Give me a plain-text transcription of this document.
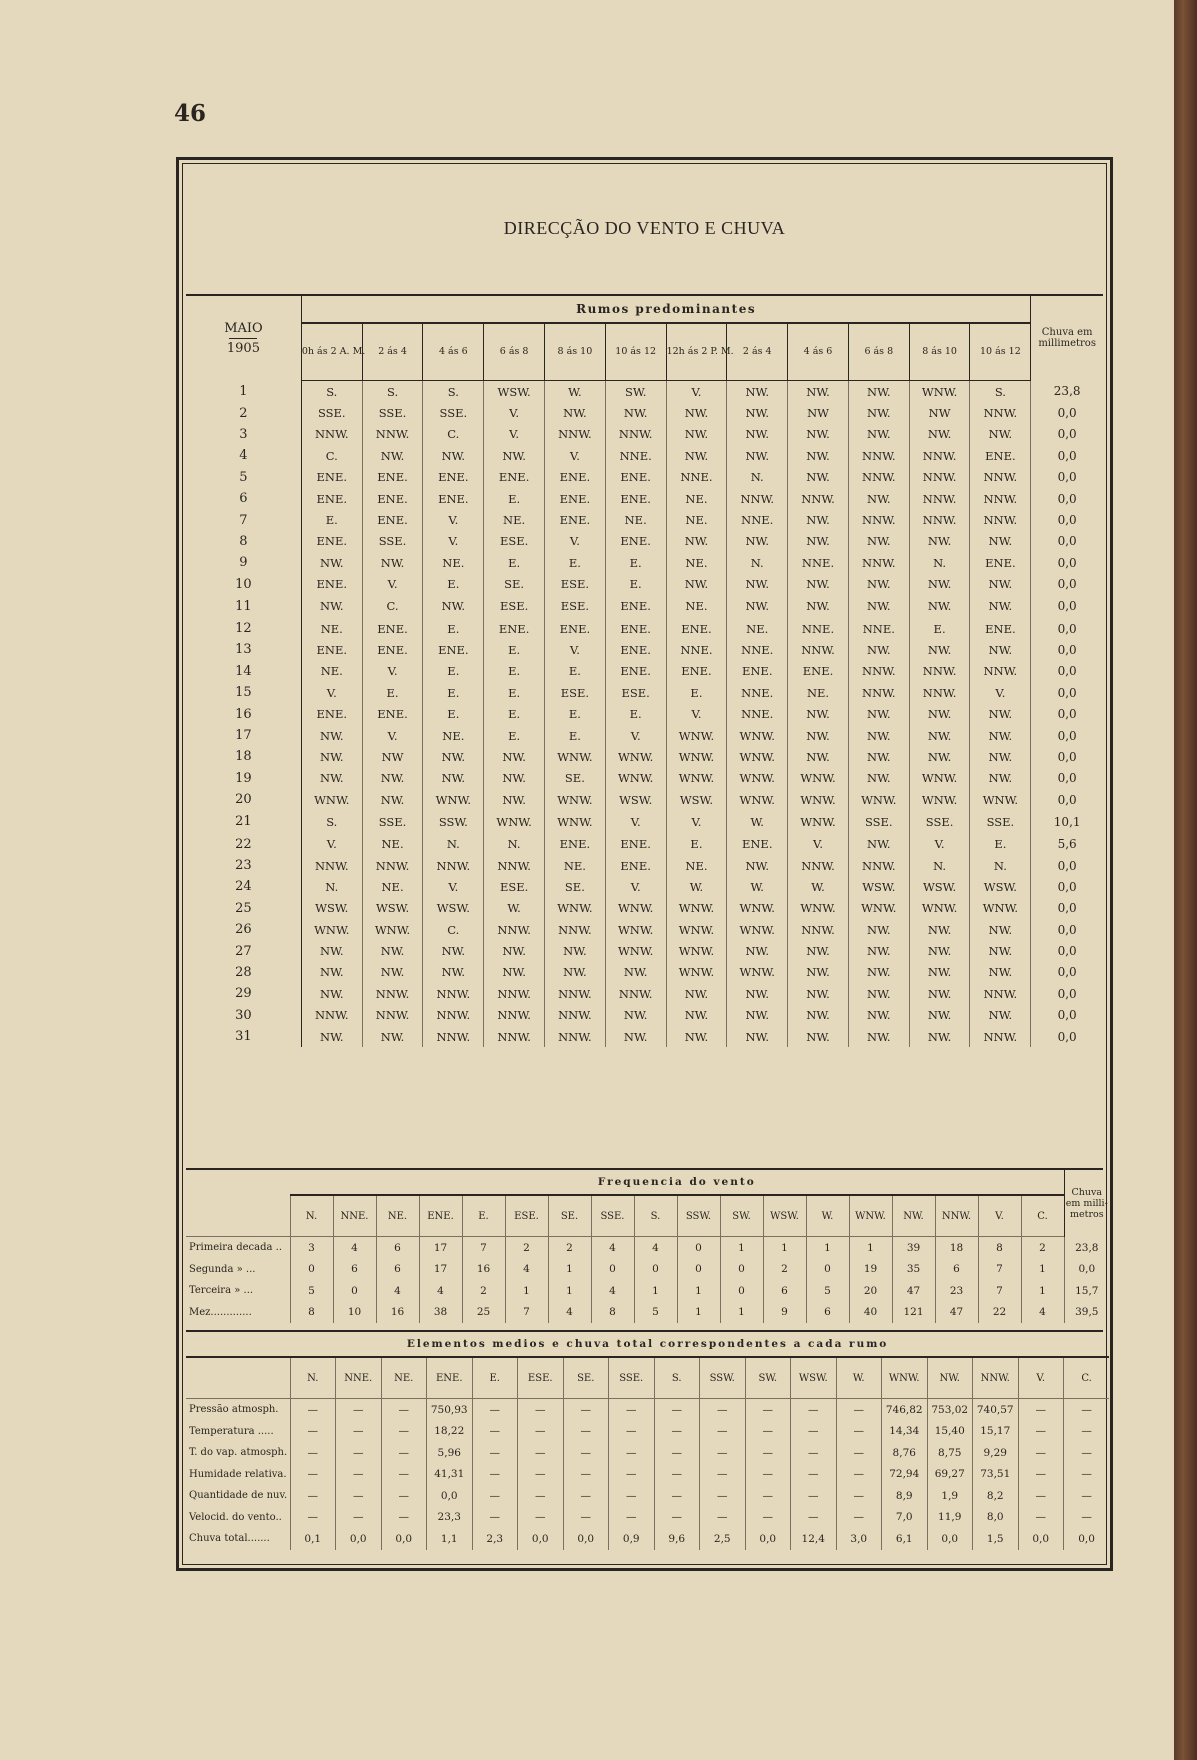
46
DIRECÇÃO DO VENTO E CHUVA
MAIO
1905	Rumos predominantes												Chuva em millimetros
	0h ás 2 A. M.	2 ás 4	4 ás 6	6 ás 8	8 ás 10	10 ás 12	12h ás 2 P. M.	2 ás 4	4 ás 6	6 ás 8	8 ás 10	10 ás 12	
1	S.	S.	S.	WSW.	W.	SW.	V.	NW.	NW.	NW.	WNW.	S.	23,8
2	SSE.	SSE.	SSE.	V.	NW.	NW.	NW.	NW.	NW	NW.	NW	NNW.	0,0
3	NNW.	NNW.	C.	V.	NNW.	NNW.	NW.	NW.	NW.	NW.	NW.	NW.	0,0
4	C.	NW.	NW.	NW.	V.	NNE.	NW.	NW.	NW.	NNW.	NNW.	ENE.	0,0
5	ENE.	ENE.	ENE.	ENE.	ENE.	ENE.	NNE.	N.	NW.	NNW.	NNW.	NNW.	0,0
6	ENE.	ENE.	ENE.	E.	ENE.	ENE.	NE.	NNW.	NNW.	NW.	NNW.	NNW.	0,0
7	E.	ENE.	V.	NE.	ENE.	NE.	NE.	NNE.	NW.	NNW.	NNW.	NNW.	0,0
8	ENE.	SSE.	V.	ESE.	V.	ENE.	NW.	NW.	NW.	NW.	NW.	NW.	0,0
9	NW.	NW.	NE.	E.	E.	E.	NE.	N.	NNE.	NNW.	N.	ENE.	0,0
10	ENE.	V.	E.	SE.	ESE.	E.	NW.	NW.	NW.	NW.	NW.	NW.	0,0
11	NW.	C.	NW.	ESE.	ESE.	ENE.	NE.	NW.	NW.	NW.	NW.	NW.	0,0
12	NE.	ENE.	E.	ENE.	ENE.	ENE.	ENE.	NE.	NNE.	NNE.	E.	ENE.	0,0
13	ENE.	ENE.	ENE.	E.	V.	ENE.	NNE.	NNE.	NNW.	NW.	NW.	NW.	0,0
14	NE.	V.	E.	E.	E.	ENE.	ENE.	ENE.	ENE.	NNW.	NNW.	NNW.	0,0
15	V.	E.	E.	E.	ESE.	ESE.	E.	NNE.	NE.	NNW.	NNW.	V.	0,0
16	ENE.	ENE.	E.	E.	E.	E.	V.	NNE.	NW.	NW.	NW.	NW.	0,0
17	NW.	V.	NE.	E.	E.	V.	WNW.	WNW.	NW.	NW.	NW.	NW.	0,0
18	NW.	NW	NW.	NW.	WNW.	WNW.	WNW.	WNW.	NW.	NW.	NW.	NW.	0,0
19	NW.	NW.	NW.	NW.	SE.	WNW.	WNW.	WNW.	WNW.	NW.	WNW.	NW.	0,0
20	WNW.	NW.	WNW.	NW.	WNW.	WSW.	WSW.	WNW.	WNW.	WNW.	WNW.	WNW.	0,0
21	S.	SSE.	SSW.	WNW.	WNW.	V.	V.	W.	WNW.	SSE.	SSE.	SSE.	10,1
22	V.	NE.	N.	N.	ENE.	ENE.	E.	ENE.	V.	NW.	V.	E.	5,6
23	NNW.	NNW.	NNW.	NNW.	NE.	ENE.	NE.	NW.	NNW.	NNW.	N.	N.	0,0
24	N.	NE.	V.	ESE.	SE.	V.	W.	W.	W.	WSW.	WSW.	WSW.	0,0
25	WSW.	WSW.	WSW.	W.	WNW.	WNW.	WNW.	WNW.	WNW.	WNW.	WNW.	WNW.	0,0
26	WNW.	WNW.	C.	NNW.	NNW.	WNW.	WNW.	WNW.	NNW.	NW.	NW.	NW.	0,0
27	NW.	NW.	NW.	NW.	NW.	WNW.	WNW.	NW.	NW.	NW.	NW.	NW.	0,0
28	NW.	NW.	NW.	NW.	NW.	NW.	WNW.	WNW.	NW.	NW.	NW.	NW.	0,0
29	NW.	NNW.	NNW.	NNW.	NNW.	NNW.	NW.	NW.	NW.	NW.	NW.	NNW.	0,0
30	NNW.	NNW.	NNW.	NNW.	NNW.	NW.	NW.	NW.	NW.	NW.	NW.	NW.	0,0
31	NW.	NW.	NNW.	NNW.	NNW.	NW.	NW.	NW.	NW.	NW.	NW.	NNW.	0,0
	Frequencia do vento																		Chuva em milli-metros
	N.	NNE.	NE.	ENE.	E.	ESE.	SE.	SSE.	S.	SSW.	SW.	WSW.	W.	WNW.	NW.	NNW.	V.	C.	
Primeira decada ..	3	4	6	17	7	2	2	4	4	0	1	1	1	1	39	18	8	2	23,8
Segunda » ...	0	6	6	17	16	4	1	0	0	0	0	2	0	19	35	6	7	1	0,0
Terceira » ...	5	0	4	4	2	1	1	4	1	1	0	6	5	20	47	23	7	1	15,7
Mez.............	8	10	16	38	25	7	4	8	5	1	1	9	6	40	121	47	22	4	39,5
Elementos medios e chuva total correspondentes a cada rumo																		
	N.	NNE.	NE.	ENE.	E.	ESE.	SE.	SSE.	S.	SSW.	SW.	WSW.	W.	WNW.	NW.	NNW.	V.	C.
Pressão atmosph.	—	—	—	750,93	—	—	—	—	—	—	—	—	—	746,82	753,02	740,57	—	—
Temperatura .....	—	—	—	18,22	—	—	—	—	—	—	—	—	—	14,34	15,40	15,17	—	—
T. do vap. atmosph.	—	—	—	5,96	—	—	—	—	—	—	—	—	—	8,76	8,75	9,29	—	—
Humidade relativa.	—	—	—	41,31	—	—	—	—	—	—	—	—	—	72,94	69,27	73,51	—	—
Quantidade de nuv.	—	—	—	0,0	—	—	—	—	—	—	—	—	—	8,9	1,9	8,2	—	—
Velocid. do vento..	—	—	—	23,3	—	—	—	—	—	—	—	—	—	7,0	11,9	8,0	—	—
Chuva total.......	0,1	0,0	0,0	1,1	2,3	0,0	0,0	0,9	9,6	2,5	0,0	12,4	3,0	6,1	0,0	1,5	0,0	0,0
